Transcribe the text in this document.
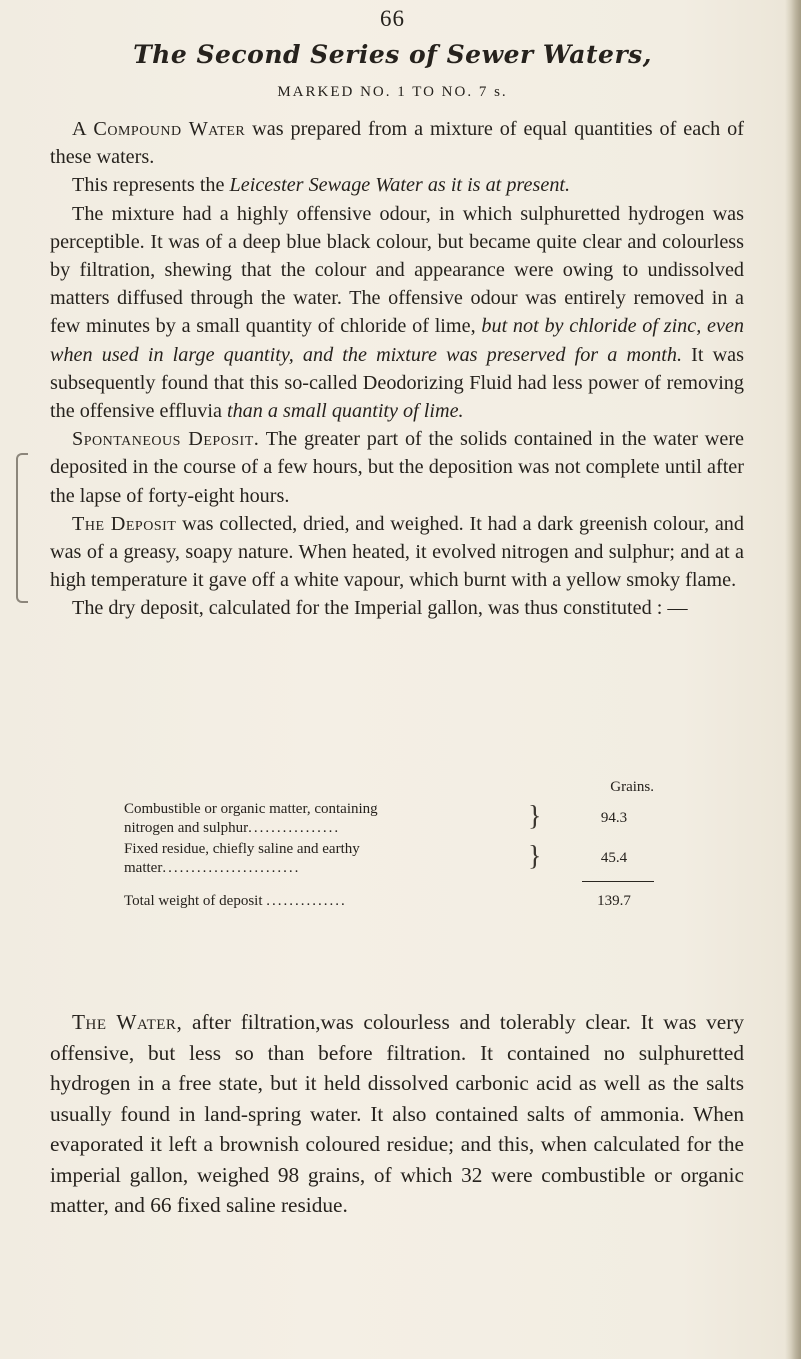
66
The Second Series of Sewer Waters,
MARKED NO. 1 TO NO. 7 s.

A Compound Water was prepared from a mixture of equal quantities of each of these waters.

This represents the Leicester Sewage Water as it is at present.

The mixture had a highly offensive odour, in which sulphuretted hydrogen was perceptible. It was of a deep blue black colour, but became quite clear and colourless by filtration, shewing that the colour and appearance were owing to undissolved matters diffused through the water. The offensive odour was entirely removed in a few minutes by a small quantity of chloride of lime, but not by chloride of zinc, even when used in large quantity, and the mixture was preserved for a month. It was subsequently found that this so-called Deodorizing Fluid had less power of removing the offensive effluvia than a small quantity of lime.

Spontaneous Deposit. The greater part of the solids contained in the water were deposited in the course of a few hours, but the deposition was not complete until after the lapse of forty-eight hours.

The Deposit was collected, dried, and weighed. It had a dark greenish colour, and was of a greasy, soapy nature. When heated, it evolved nitrogen and sulphur; and at a high temperature it gave off a white vapour, which burnt with a yellow smoky flame.

The dry deposit, calculated for the Imperial gallon, was thus constituted : —

Grains.
Combustible or organic matter, containing
nitrogen and sulphur................	}	94.3
Fixed residue, chiefly saline and earthy
matter........................	}	45.4
Total weight of deposit ..............	139.7

The Water, after filtration,was colourless and tolerably clear. It was very offensive, but less so than before filtration. It contained no sulphuretted hydrogen in a free state, but it held dissolved carbonic acid as well as the salts usually found in land-spring water. It also contained salts of ammonia. When evaporated it left a brownish coloured residue; and this, when calculated for the imperial gallon, weighed 98 grains, of which 32 were combustible or organic matter, and 66 fixed saline residue.
